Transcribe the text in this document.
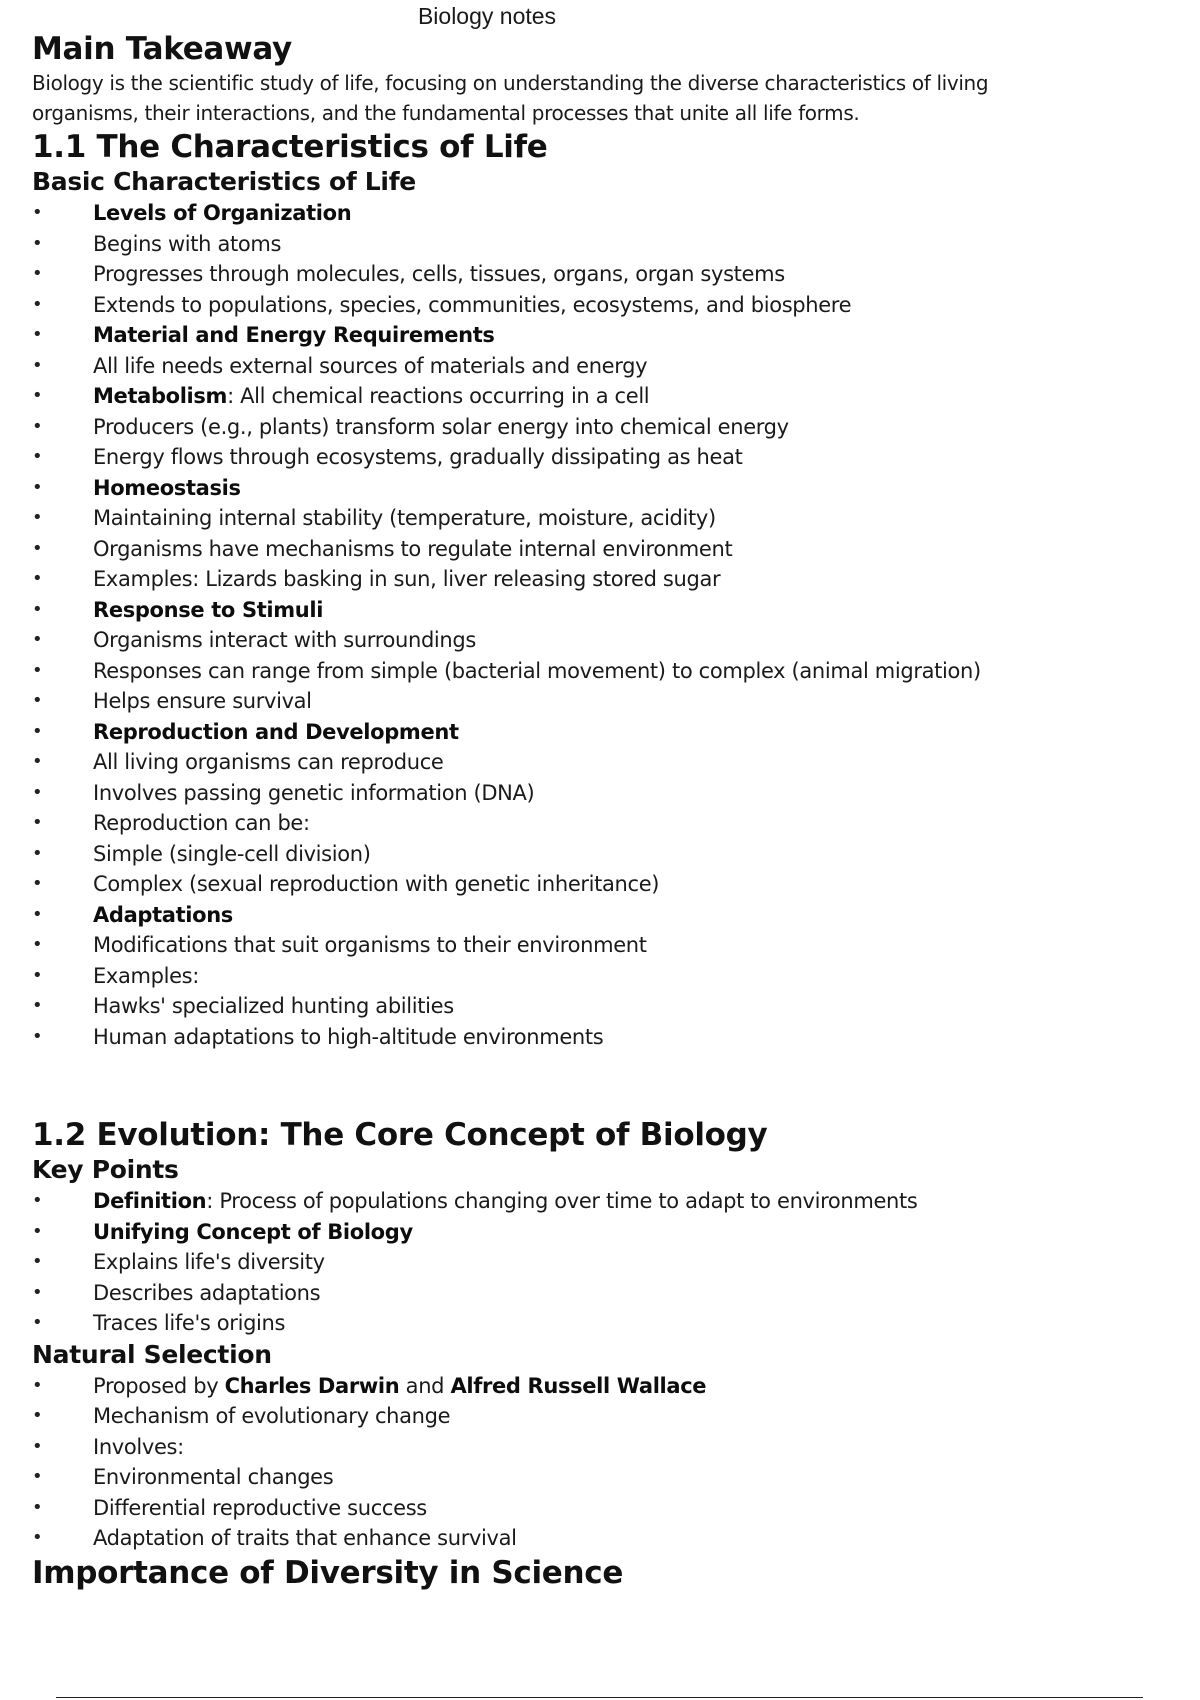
Biology notes
Main Takeaway

Biology is the scientific study of life, focusing on understanding the diverse characteristics of living

organisms, their interactions, and the fundamental processes that unite all life forms.

1.1 The Characteristics of Life
Basic Characteristics of Life
• Levels of Organization
• Begins with atoms
• Progresses through molecules, cells, tissues, organs, organ systems
• Extends to populations, species, communities, ecosystems, and biosphere
• Material and Energy Requirements
• All life needs external sources of materials and energy
• Metabolism: All chemical reactions occurring in a cell
• Producers (e.g., plants) transform solar energy into chemical energy
• Energy flows through ecosystems, gradually dissipating as heat
• Homeostasis
• Maintaining internal stability (temperature, moisture, acidity)
• Organisms have mechanisms to regulate internal environment
• Examples: Lizards basking in sun, liver releasing stored sugar
• Response to Stimuli
• Organisms interact with surroundings
• Responses can range from simple (bacterial movement) to complex (animal migration)
• Helps ensure survival
• Reproduction and Development
• All living organisms can reproduce
• Involves passing genetic information (DNA)
• Reproduction can be:
• Simple (single-cell division)
• Complex (sexual reproduction with genetic inheritance)
• Adaptations
• Modifications that suit organisms to their environment
• Examples:
• Hawks' specialized hunting abilities
• Human adaptations to high-altitude environments
1.2 Evolution: The Core Concept of Biology
Key Points
• Definition: Process of populations changing over time to adapt to environments
• Unifying Concept of Biology
• Explains life's diversity
• Describes adaptations
• Traces life's origins
Natural Selection
• Proposed by Charles Darwin and Alfred Russell Wallace
• Mechanism of evolutionary change
• Involves:
• Environmental changes
• Differential reproductive success
• Adaptation of traits that enhance survival
Importance of Diversity in Science
